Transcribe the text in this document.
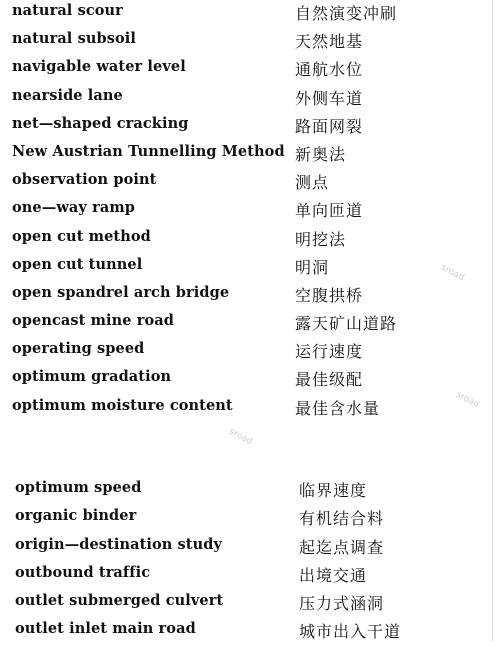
natural scour	自然演变冲刷
natural subsoil	天然地基
navigable water level	通航水位
nearside lane	外侧车道
net—shaped cracking	路面网裂
New Austrian Tunnelling Method 新奥法
observation point	测点
one—way ramp	单向匝道
open cut method	明挖法
open cut tunnel	明洞
open spandrel arch bridge	空腹拱桥
opencast mine road	露天矿山道路
operating speed	运行速度
optimum gradation	最佳级配
optimum moisture content	最佳含水量
optimum speed	临界速度
organic binder	有机结合料
origin—destination study	起迄点调查
outbound traffic	出境交通
outlet submerged culvert	压力式涵洞
outlet inlet main road	城市出入干道
sroad
sroad
sroad
